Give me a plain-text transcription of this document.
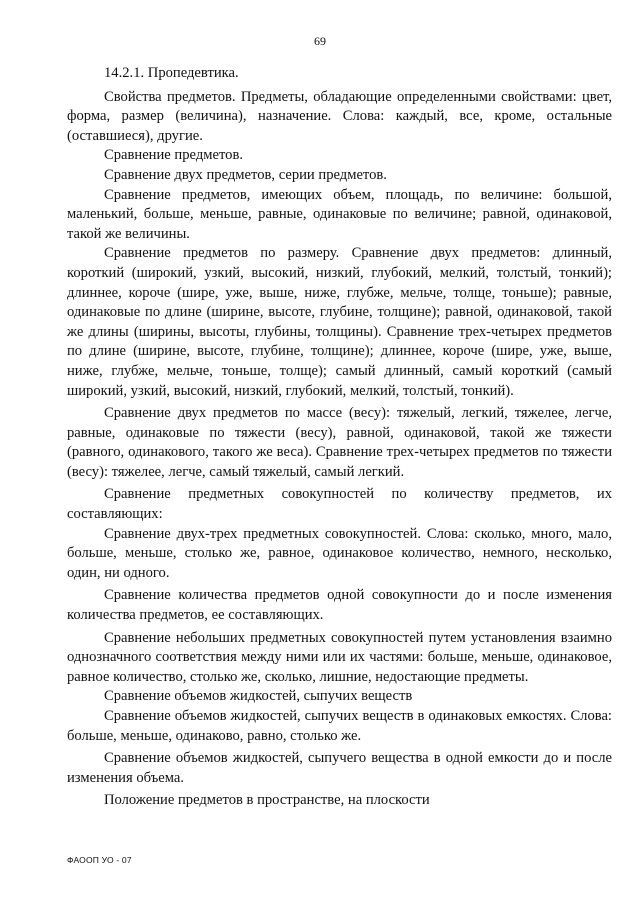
69

14.2.1. Пропедевтика.

Свойства предметов. Предметы, обладающие определенными свойствами: цвет, форма, размер (величина), назначение. Слова: каждый, все, кроме, остальные (оставшиеся), другие.

Сравнение предметов.

Сравнение двух предметов, серии предметов.

Сравнение предметов, имеющих объем, площадь, по величине: большой, маленький, больше, меньше, равные, одинаковые по величине; равной, одинаковой, такой же величины.

Сравнение предметов по размеру. Сравнение двух предметов: длинный, короткий (широкий, узкий, высокий, низкий, глубокий, мелкий, толстый, тонкий); длиннее, короче (шире, уже, выше, ниже, глубже, мельче, толще, тоньше); равные, одинаковые по длине (ширине, высоте, глубине, толщине); равной, одинаковой, такой же длины (ширины, высоты, глубины, толщины). Сравнение трех-четырех предметов по длине (ширине, высоте, глубине, толщине); длиннее, короче (шире, уже, выше, ниже, глубже, мельче, тоньше, толще); самый длинный, самый короткий (самый широкий, узкий, высокий, низкий, глубокий, мелкий, толстый, тонкий).

Сравнение двух предметов по массе (весу): тяжелый, легкий, тяжелее, легче, равные, одинаковые по тяжести (весу), равной, одинаковой, такой же тяжести (равного, одинакового, такого же веса). Сравнение трех-четырех предметов по тяжести (весу): тяжелее, легче, самый тяжелый, самый легкий.

Сравнение предметных совокупностей по количеству предметов, их составляющих:

Сравнение двух-трех предметных совокупностей. Слова: сколько, много, мало, больше, меньше, столько же, равное, одинаковое количество, немного, несколько, один, ни одного.

Сравнение количества предметов одной совокупности до и после изменения количества предметов, ее составляющих.

Сравнение небольших предметных совокупностей путем установления взаимно однозначного соответствия между ними или их частями: больше, меньше, одинаковое, равное количество, столько же, сколько, лишние, недостающие предметы.

Сравнение объемов жидкостей, сыпучих веществ

Сравнение объемов жидкостей, сыпучих веществ в одинаковых емкостях. Слова: больше, меньше, одинаково, равно, столько же.

Сравнение объемов жидкостей, сыпучего вещества в одной емкости до и после изменения объема.

Положение предметов в пространстве, на плоскости

ФАООП УО - 07
